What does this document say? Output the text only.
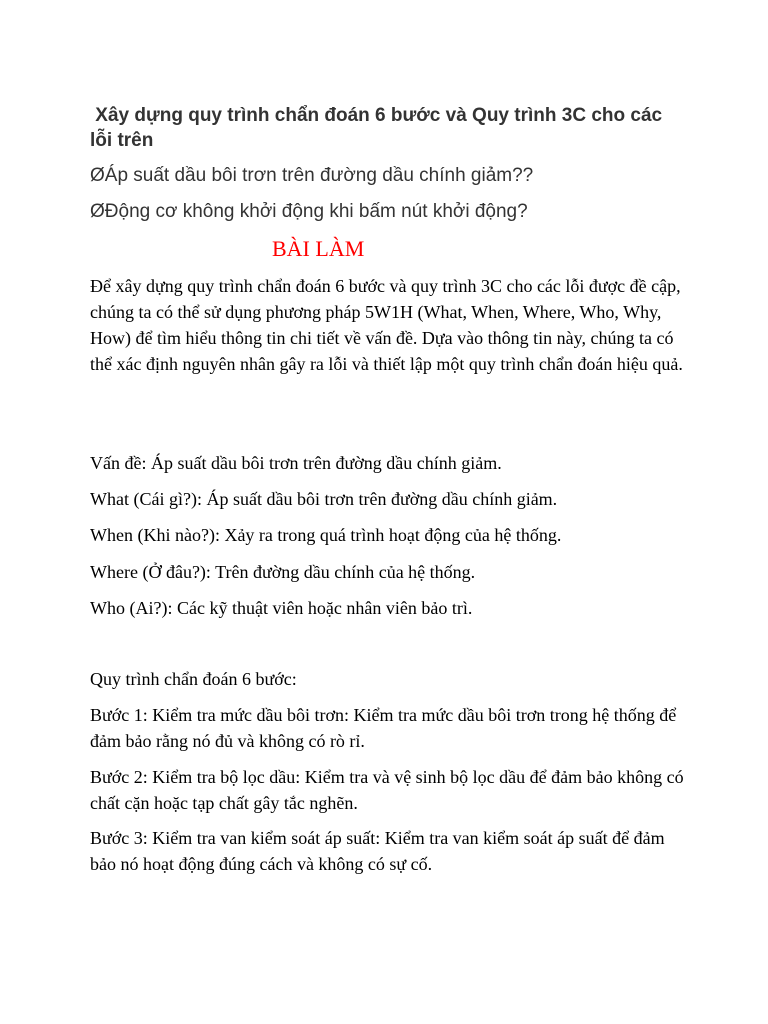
Xây dựng quy trình chẩn đoán 6 bước và Quy trình 3C cho các lỗi trên
ØÁp suất dầu bôi trơn trên đường dầu chính giảm??
ØĐộng cơ không khởi động khi bấm nút khởi động?
BÀI LÀM

Để xây dựng quy trình chẩn đoán 6 bước và quy trình 3C cho các lỗi được đề cập, chúng ta có thể sử dụng phương pháp 5W1H (What, When, Where, Who, Why, How) để tìm hiểu thông tin chi tiết về vấn đề. Dựa vào thông tin này, chúng ta có thể xác định nguyên nhân gây ra lỗi và thiết lập một quy trình chẩn đoán hiệu quả.

Vấn đề: Áp suất dầu bôi trơn trên đường dầu chính giảm.

What (Cái gì?): Áp suất dầu bôi trơn trên đường dầu chính giảm.

When (Khi nào?): Xảy ra trong quá trình hoạt động của hệ thống.

Where (Ở đâu?): Trên đường dầu chính của hệ thống.

Who (Ai?): Các kỹ thuật viên hoặc nhân viên bảo trì.

Quy trình chẩn đoán 6 bước:

Bước 1: Kiểm tra mức dầu bôi trơn: Kiểm tra mức dầu bôi trơn trong hệ thống để đảm bảo rằng nó đủ và không có rò rỉ.

Bước 2: Kiểm tra bộ lọc dầu: Kiểm tra và vệ sinh bộ lọc dầu để đảm bảo không có chất cặn hoặc tạp chất gây tắc nghẽn.

Bước 3: Kiểm tra van kiểm soát áp suất: Kiểm tra van kiểm soát áp suất để đảm bảo nó hoạt động đúng cách và không có sự cố.
